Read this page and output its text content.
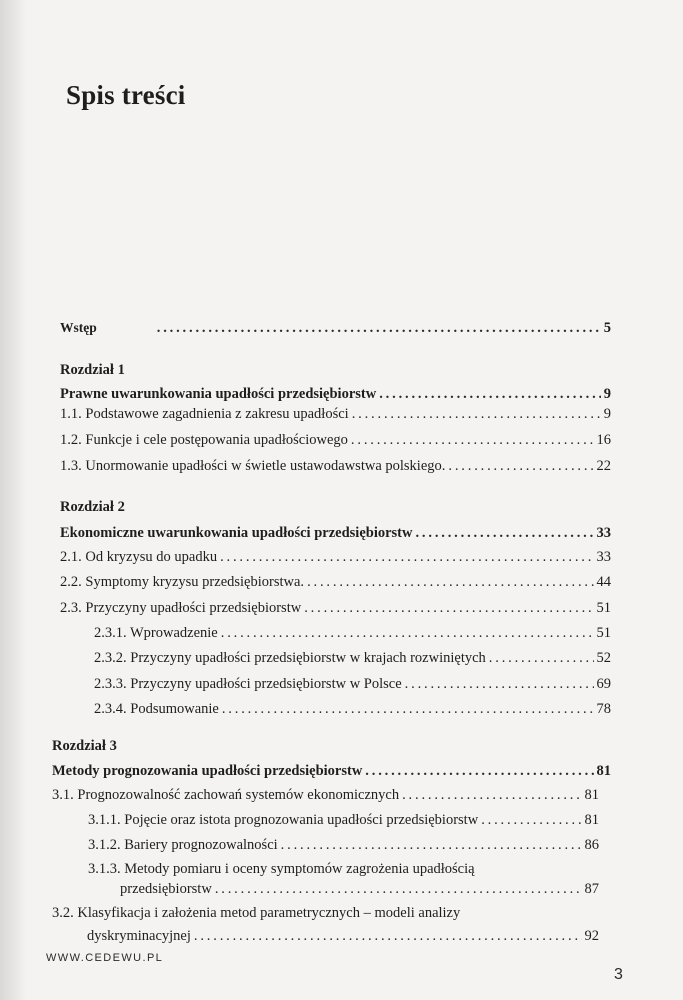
Spis treści
Wstęp . . .	5
Rozdział 1
Prawne uwarunkowania upadłości przedsiębiorstw . . .	9
1.1. Podstawowe zagadnienia z zakresu upadłości . . .	9
1.2. Funkcje i cele postępowania upadłościowego . . .	16
1.3. Unormowanie upadłości w świetle ustawodawstwa polskiego. . . .	22
Rozdział 2
Ekonomiczne uwarunkowania upadłości przedsiębiorstw . . .	33
2.1. Od kryzysu do upadku . . .	33
2.2. Symptomy kryzysu przedsiębiorstwa. . . .	44
2.3. Przyczyny upadłości przedsiębiorstw . . .	51
2.3.1. Wprowadzenie . . .	51
2.3.2. Przyczyny upadłości przedsiębiorstw w krajach rozwiniętych . . .	52
2.3.3. Przyczyny upadłości przedsiębiorstw w Polsce . . .	69
2.3.4. Podsumowanie . . .	78
Rozdział 3
Metody prognozowania upadłości przedsiębiorstw . . .	81
3.1. Prognozowalność zachowań systemów ekonomicznych . . .	81
3.1.1. Pojęcie oraz istota prognozowania upadłości przedsiębiorstw . . .	81
3.1.2. Bariery prognozowalności . . .	86
3.1.3. Metody pomiaru i oceny symptomów zagrożenia upadłością
przedsiębiorstw . . .	87
3.2. Klasyfikacja i założenia metod parametrycznych – modeli analizy
dyskryminacyjnej . . .	92
WWW.CEDEWU.PL
3
